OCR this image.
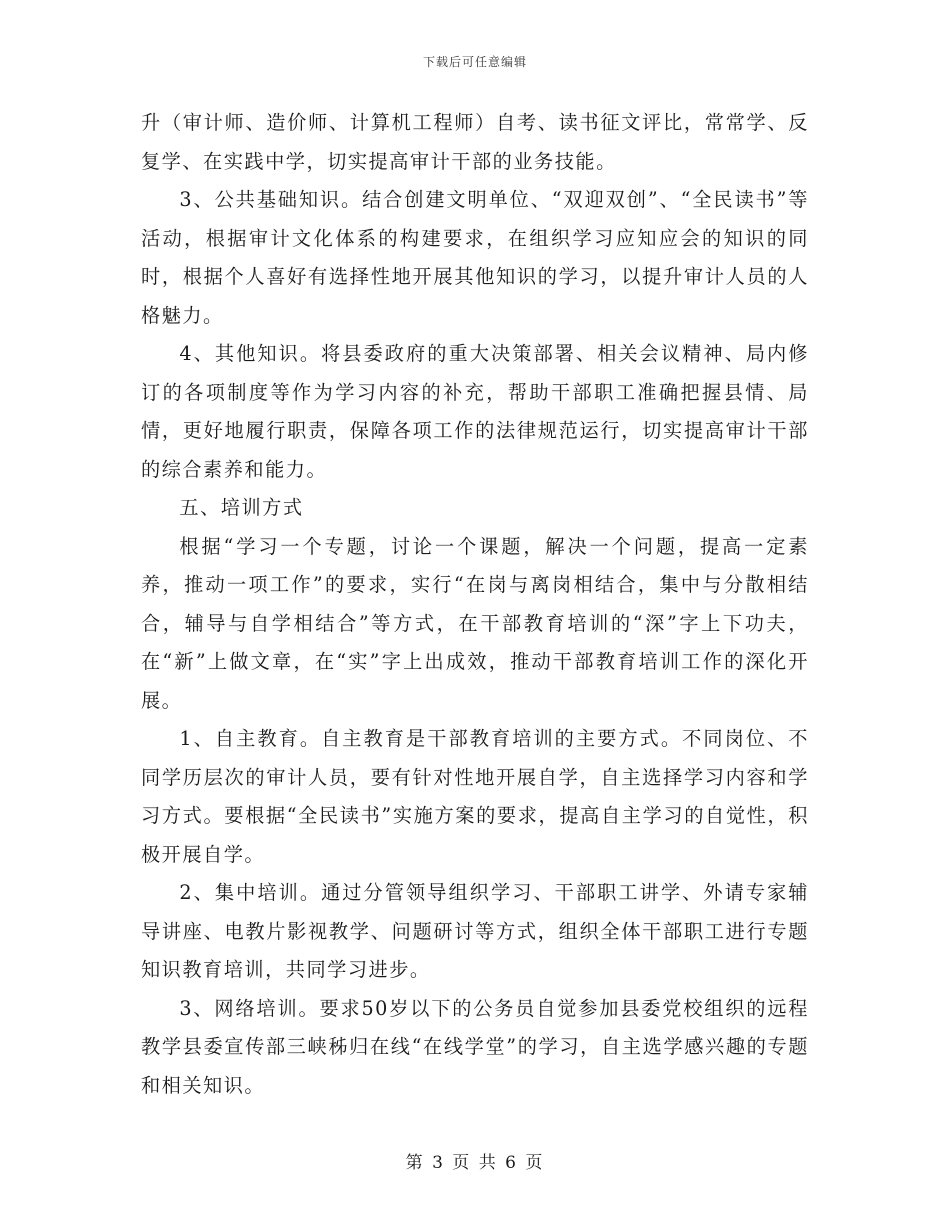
下载后可任意编辑

升（审计师、造价师、计算机工程师）自考、读书征文评比，常常学、反复学、在实践中学，切实提高审计干部的业务技能。

3、公共基础知识。结合创建文明单位、“双迎双创”、“全民读书”等活动，根据审计文化体系的构建要求，在组织学习应知应会的知识的同时，根据个人喜好有选择性地开展其他知识的学习，以提升审计人员的人格魅力。

4、其他知识。将县委政府的重大决策部署、相关会议精神、局内修订的各项制度等作为学习内容的补充，帮助干部职工准确把握县情、局情，更好地履行职责，保障各项工作的法律规范运行，切实提高审计干部的综合素养和能力。

五、培训方式

根据“学习一个专题，讨论一个课题，解决一个问题，提高一定素养，推动一项工作”的要求，实行“在岗与离岗相结合，集中与分散相结合，辅导与自学相结合”等方式，在干部教育培训的“深”字上下功夫，在“新”上做文章，在“实”字上出成效，推动干部教育培训工作的深化开展。

1、自主教育。自主教育是干部教育培训的主要方式。不同岗位、不同学历层次的审计人员，要有针对性地开展自学，自主选择学习内容和学习方式。要根据“全民读书”实施方案的要求，提高自主学习的自觉性，积极开展自学。

2、集中培训。通过分管领导组织学习、干部职工讲学、外请专家辅导讲座、电教片影视教学、问题研讨等方式，组织全体干部职工进行专题知识教育培训，共同学习进步。

3、网络培训。要求50岁以下的公务员自觉参加县委党校组织的远程教学县委宣传部三峡秭归在线“在线学堂”的学习，自主选学感兴趣的专题和相关知识。

第 3 页 共 6 页
